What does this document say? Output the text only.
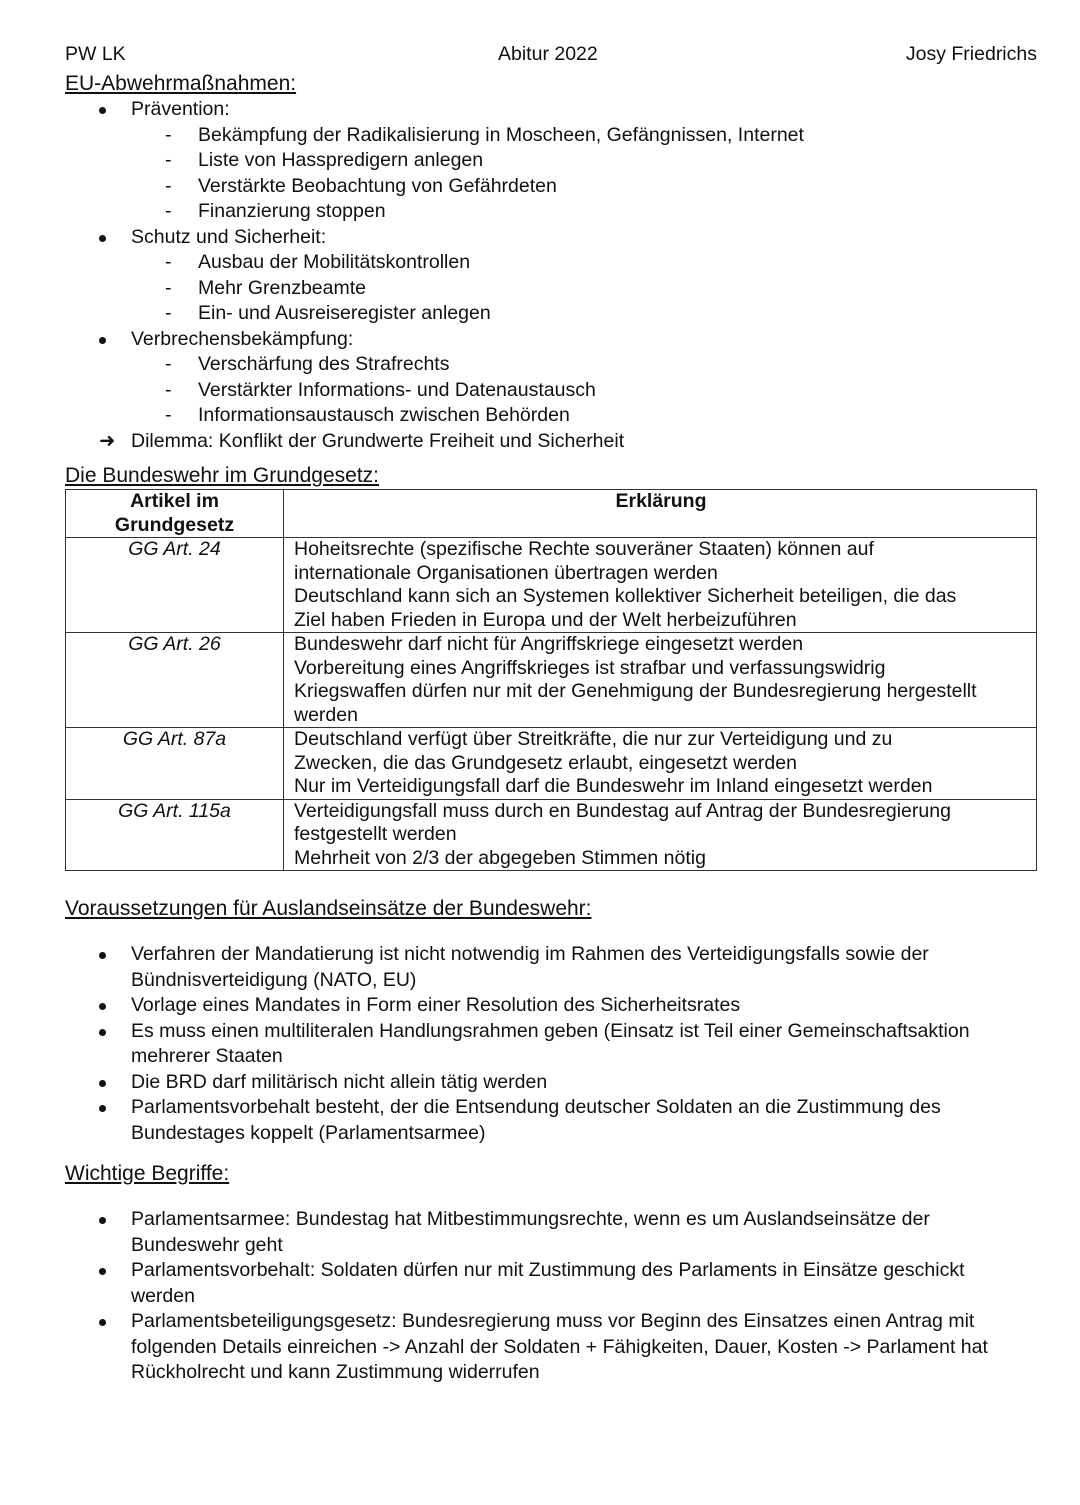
PW LK	Abitur 2022	Josy Friedrichs
EU-Abwehrmaßnahmen:
Prävention:
- Bekämpfung der Radikalisierung in Moscheen, Gefängnissen, Internet
- Liste von Hasspredigern anlegen
- Verstärkte Beobachtung von Gefährdeten
- Finanzierung stoppen
Schutz und Sicherheit:
- Ausbau der Mobilitätskontrollen
- Mehr Grenzbeamte
- Ein- und Ausreiseregister anlegen
Verbrechensbekämpfung:
- Verschärfung des Strafrechts
- Verstärkter Informations- und Datenaustausch
- Informationsaustausch zwischen Behörden
➜ Dilemma: Konflikt der Grundwerte Freiheit und Sicherheit
Die Bundeswehr im Grundgesetz:
Artikel im
Grundgesetz	Erklärung
GG Art. 24	Hoheitsrechte (spezifische Rechte souveräner Staaten) können auf
internationale Organisationen übertragen werden
Deutschland kann sich an Systemen kollektiver Sicherheit beteiligen, die das
Ziel haben Frieden in Europa und der Welt herbeizuführen

GG Art. 26	Bundeswehr darf nicht für Angriffskriege eingesetzt werden
Vorbereitung eines Angriffskrieges ist strafbar und verfassungswidrig
Kriegswaffen dürfen nur mit der Genehmigung der Bundesregierung hergestellt
werden

GG Art. 87a	Deutschland verfügt über Streitkräfte, die nur zur Verteidigung und zu
Zwecken, die das Grundgesetz erlaubt, eingesetzt werden
Nur im Verteidigungsfall darf die Bundeswehr im Inland eingesetzt werden

GG Art. 115a	Verteidigungsfall muss durch en Bundestag auf Antrag der Bundesregierung
festgestellt werden
Mehrheit von 2/3 der abgegeben Stimmen nötig
Voraussetzungen für Auslandseinsätze der Bundeswehr:
Verfahren der Mandatierung ist nicht notwendig im Rahmen des Verteidigungsfalls sowie der
Bündnisverteidigung (NATO, EU)
Vorlage eines Mandates in Form einer Resolution des Sicherheitsrates
Es muss einen multiliteralen Handlungsrahmen geben (Einsatz ist Teil einer Gemeinschaftsaktion
mehrerer Staaten
Die BRD darf militärisch nicht allein tätig werden
Parlamentsvorbehalt besteht, der die Entsendung deutscher Soldaten an die Zustimmung des
Bundestages koppelt (Parlamentsarmee)
Wichtige Begriffe:
Parlamentsarmee: Bundestag hat Mitbestimmungsrechte, wenn es um Auslandseinsätze der
Bundeswehr geht
Parlamentsvorbehalt: Soldaten dürfen nur mit Zustimmung des Parlaments in Einsätze geschickt
werden
Parlamentsbeteiligungsgesetz: Bundesregierung muss vor Beginn des Einsatzes einen Antrag mit
folgenden Details einreichen -> Anzahl der Soldaten + Fähigkeiten, Dauer, Kosten -> Parlament hat
Rückholrecht und kann Zustimmung widerrufen
